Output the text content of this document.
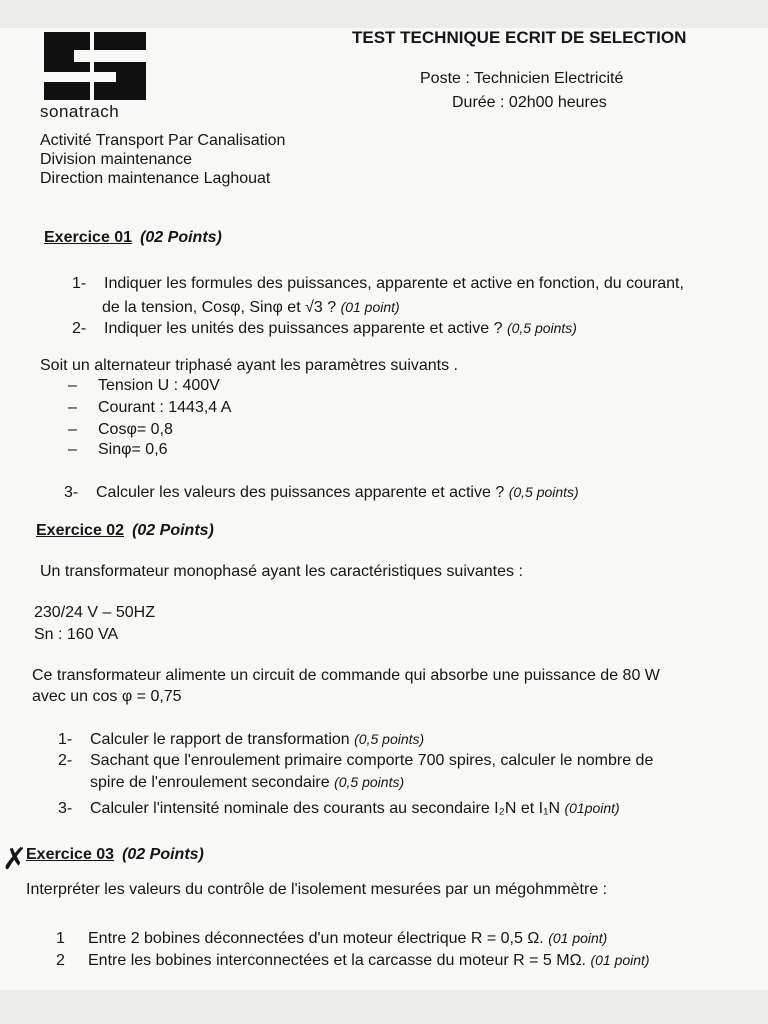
sonatrach
TEST TECHNIQUE ECRIT DE SELECTION
Poste : Technicien Electricité
Durée : 02h00 heures
Activité Transport Par Canalisation
Division maintenance
Direction maintenance Laghouat
Exercice 01 (02 Points)
1- Indiquer les formules des puissances, apparente et active en fonction, du courant,
de la tension, Cosφ, Sinφ et √3 ? (01 point)
2- Indiquer les unités des puissances apparente et active ? (0,5 points)
Soit un alternateur triphasé ayant les paramètres suivants .
– Tension U : 400V
– Courant : 1443,4 A
– Cosφ= 0,8
– Sinφ= 0,6
3- Calculer les valeurs des puissances apparente et active ? (0,5 points)
Exercice 02 (02 Points)
Un transformateur monophasé ayant les caractéristiques suivantes :
230/24 V – 50HZ
Sn : 160 VA
Ce transformateur alimente un circuit de commande qui absorbe une puissance de 80 W
avec un cos φ = 0,75
1- Calculer le rapport de transformation (0,5 points)
2- Sachant que l'enroulement primaire comporte 700 spires, calculer le nombre de
spire de l'enroulement secondaire (0,5 points)
3- Calculer l'intensité nominale des courants au secondaire I₂N et I₁N (01point)
✗
Exercice 03 (02 Points)
Interpréter les valeurs du contrôle de l'isolement mesurées par un mégohmmètre :
1 Entre 2 bobines déconnectées d'un moteur électrique R = 0,5 Ω. (01 point)
2 Entre les bobines interconnectées et la carcasse du moteur R = 5 MΩ. (01 point)
